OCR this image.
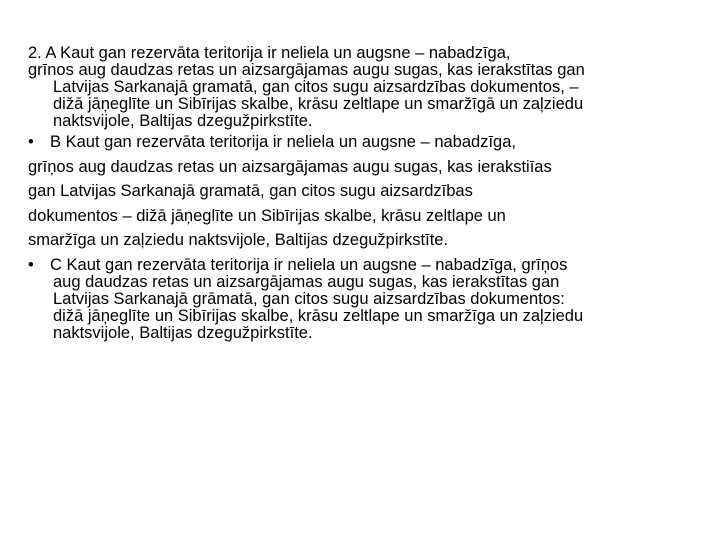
2. A Kaut gan rezervāta teritorija ir neliela un augsne – nabadzīga,
grīnos aug daudzas retas un aizsargājamas augu sugas, kas ierakstītas gan
Latvijas Sarkanajā gramatā, gan citos sugu aizsardzības dokumentos, –
dižā jāņeglīte un Sibīrijas skalbe, krāsu zeltlape un smaržīgā un zaļziedu
naktsvijole, Baltijas dzegužpirkstīte.
• B Kaut gan rezervāta teritorija ir neliela un augsne – nabadzīga,
grīņos aug daudzas retas un aizsargājamas augu sugas, kas ierakstiīas
gan Latvijas Sarkanajā gramatā, gan citos sugu aizsardzības
dokumentos – dižā jāņeglīte un Sibīrijas skalbe, krāsu zeltlape un
smaržīga un zaļziedu naktsvijole, Baltijas dzegužpirkstīte.
• C Kaut gan rezervāta teritorija ir neliela un augsne – nabadzīga, grīņos
aug daudzas retas un aizsargājamas augu sugas, kas ierakstītas gan
Latvijas Sarkanajā grāmatā, gan citos sugu aizsardzības dokumentos:
dižā jāņeglīte un Sibīrijas skalbe, krāsu zeltlape un smaržīga un zaļziedu
naktsvijole, Baltijas dzegužpirkstīte.
